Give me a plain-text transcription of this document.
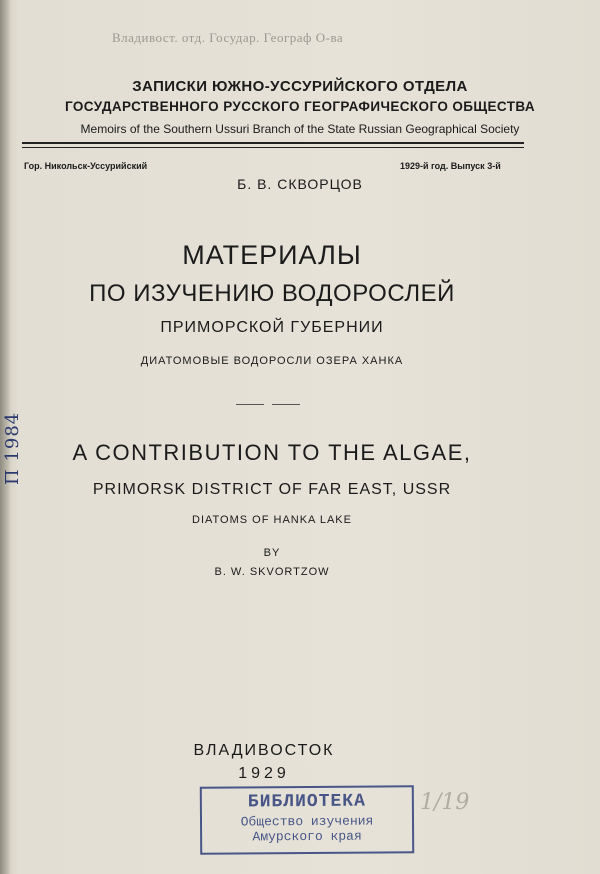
Владивост. отд. Государ. Географ О-ва
ЗАПИСКИ ЮЖНО-УССУРИЙСКОГО ОТДЕЛА
ГОСУДАРСТВЕННОГО РУССКОГО ГЕОГРАФИЧЕСКОГО ОБЩЕСТВА
Memoirs of the Southern Ussuri Branch of the State Russian Geographical Society
Гор. Никольск-Уссурийский	1929-й год. Выпуск 3-й
Б. В. СКВОРЦОВ
МАТЕРИАЛЫ
ПО ИЗУЧЕНИЮ ВОДОРОСЛЕЙ
ПРИМОРСКОЙ ГУБЕРНИИ
ДИАТОМОВЫЕ ВОДОРОСЛИ ОЗЕРА ХАНКА
A CONTRIBUTION TO THE ALGAE,
PRIMORSK DISTRICT OF FAR EAST, USSR
DIATOMS OF HANKA LAKE
BY
B. W. SKVORTZOW
ВЛАДИВОСТОК
1929
П 1984
БИБЛИОТЕКА
Общество изучения
Амурского края
1/19
